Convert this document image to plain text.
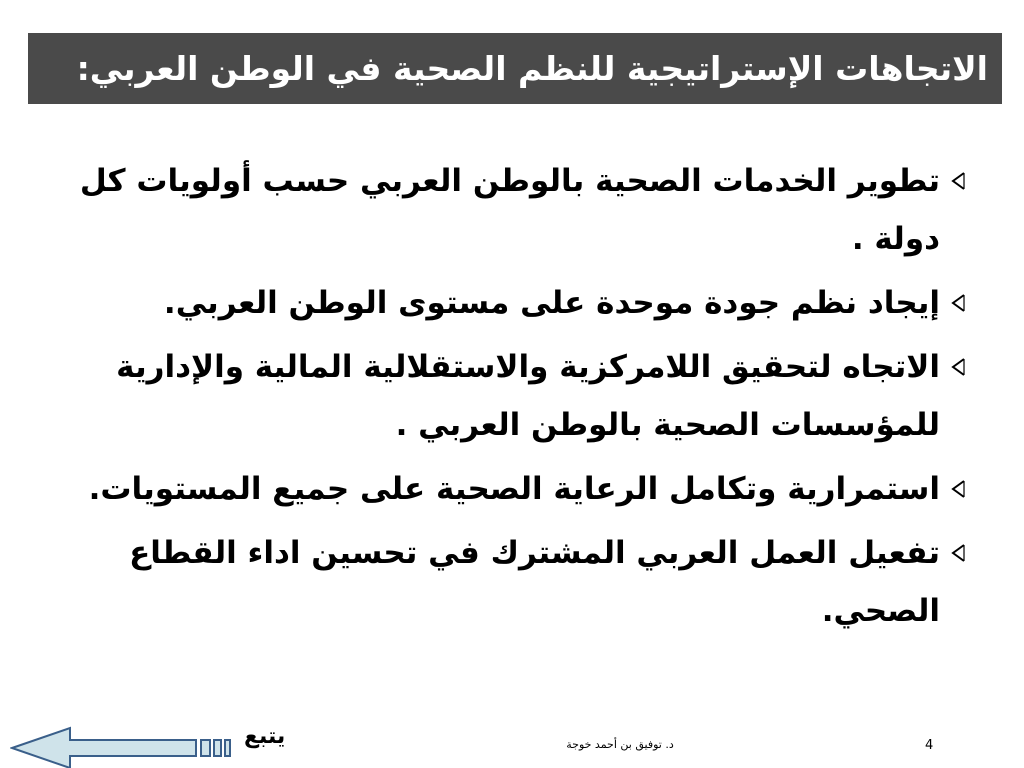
الاتجاهات الإستراتيجية للنظم الصحية في الوطن العربي:
تطوير الخدمات الصحية بالوطن العربي حسب أولويات كل دولة .
إيجاد نظم جودة موحدة على مستوى الوطن العربي.
الاتجاه لتحقيق اللامركزية والاستقلالية المالية والإدارية للمؤسسات الصحية بالوطن العربي .
استمرارية وتكامل الرعاية الصحية على جميع المستويات.
تفعيل العمل العربي المشترك في تحسين اداء القطاع الصحي.
يتبع	د. توفيق بن أحمد خوجة	4
